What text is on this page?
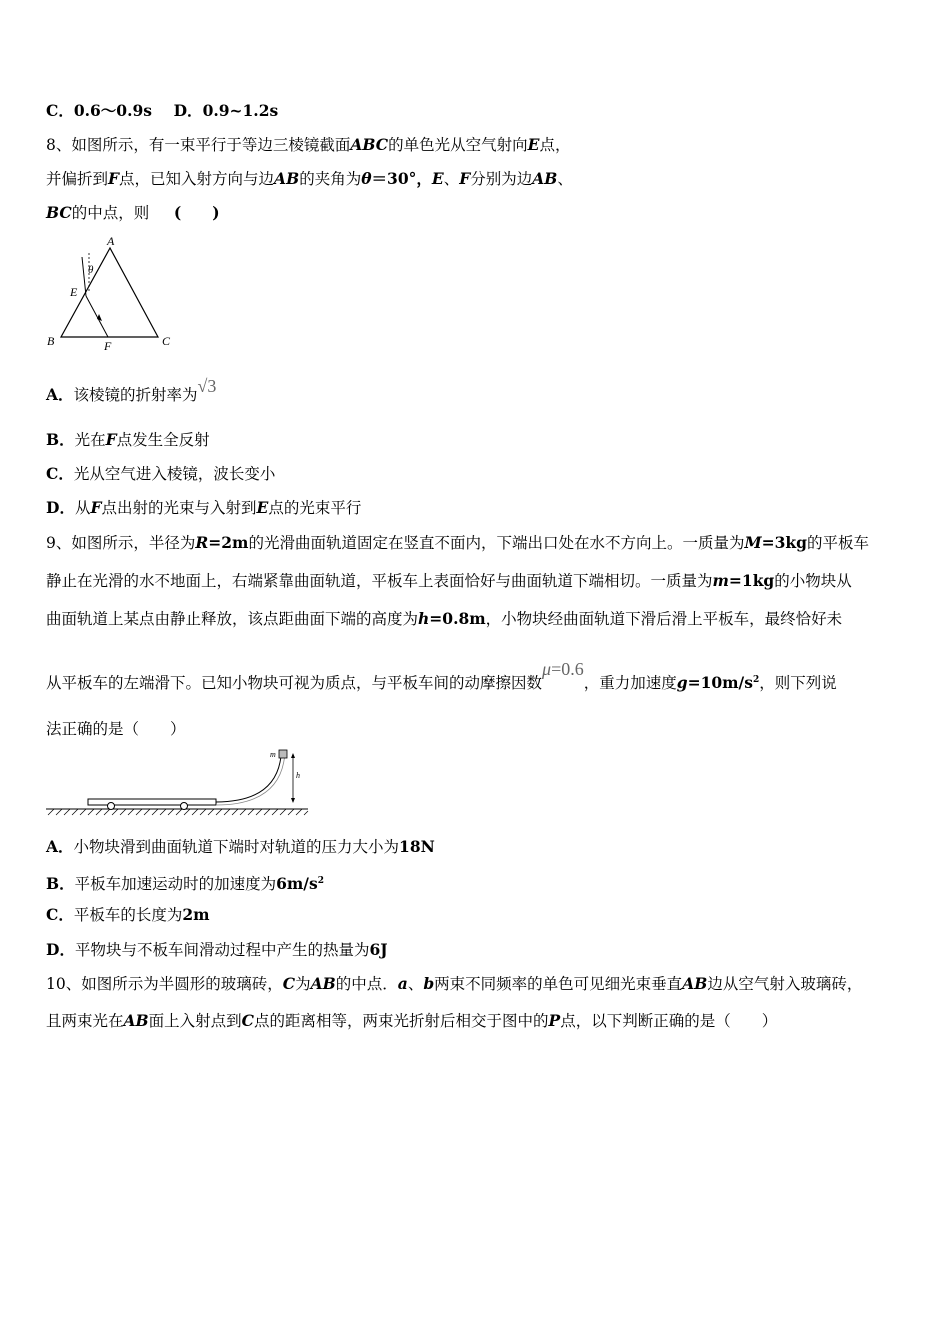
C．0.6～0.9s D．0.9~1.2s
8、如图所示，有一束平行于等边三棱镜截面ABC的单色光从空气射向E点，
并偏折到F点，已知入射方向与边AB的夹角为θ＝30°，E、F分别为边AB、
BC的中点，则 (　　)
A
θ
E
B	F	C
A．该棱镜的折射率为√3
B．光在F点发生全反射
C．光从空气进入棱镜，波长变小
D．从F点出射的光束与入射到E点的光束平行
9、如图所示，半径为R=2m的光滑曲面轨道固定在竖直不面内，下端出口处在水不方向上。一质量为M=3kg的平板车
静止在光滑的水不地面上，右端紧靠曲面轨道，平板车上表面恰好与曲面轨道下端相切。一质量为m=1kg的小物块从
曲面轨道上某点由静止释放，该点距曲面下端的高度为h=0.8m，小物块经曲面轨道下滑后滑上平板车，最终恰好未
从平板车的左端滑下。已知小物块可视为质点，与平板车间的动摩擦因数μ=0.6，重力加速度$g=10m/s^2$，则下列说
法正确的是（　　）
m
h
A．小物块滑到曲面轨道下端时对轨道的压力大小为18N
B．平板车加速运动时的加速度为$6m/s^2$
C．平板车的长度为2m
D．平物块与不板车间滑动过程中产生的热量为6J
10、如图所示为半圆形的玻璃砖，C为AB的中点．a、b两束不同频率的单色可见细光束垂直AB边从空气射入玻璃砖，
且两束光在AB面上入射点到C点的距离相等，两束光折射后相交于图中的P点，以下判断正确的是（　　）
